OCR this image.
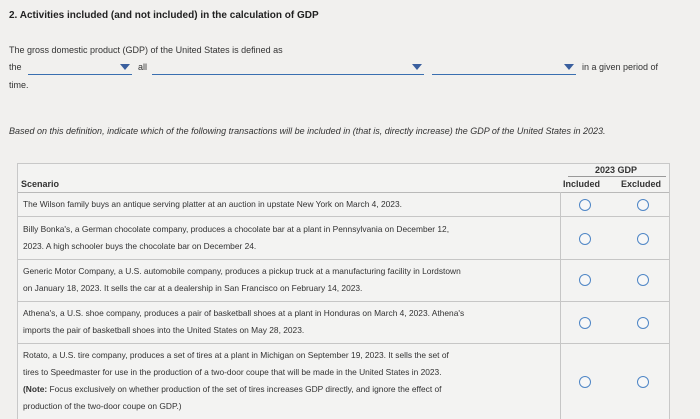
2. Activities included (and not included) in the calculation of GDP
The gross domestic product (GDP) of the United States is defined as
the	all	in a given period of
time.
Based on this definition, indicate which of the following transactions will be included in (that is, directly increase) the GDP of the United States in 2023.
Scenario
2023 GDP
Included Excluded
The Wilson family buys an antique serving platter at an auction in upstate New York on March 4, 2023.
Billy Bonka's, a German chocolate company, produces a chocolate bar at a plant in Pennsylvania on December 12,
2023. A high schooler buys the chocolate bar on December 24.
Generic Motor Company, a U.S. automobile company, produces a pickup truck at a manufacturing facility in Lordstown
on January 18, 2023. It sells the car at a dealership in San Francisco on February 14, 2023.
Athena's, a U.S. shoe company, produces a pair of basketball shoes at a plant in Honduras on March 4, 2023. Athena's
imports the pair of basketball shoes into the United States on May 28, 2023.
Rotato, a U.S. tire company, produces a set of tires at a plant in Michigan on September 19, 2023. It sells the set of
tires to Speedmaster for use in the production of a two-door coupe that will be made in the United States in 2023.
(Note: Focus exclusively on whether production of the set of tires increases GDP directly, and ignore the effect of
production of the two-door coupe on GDP.)
